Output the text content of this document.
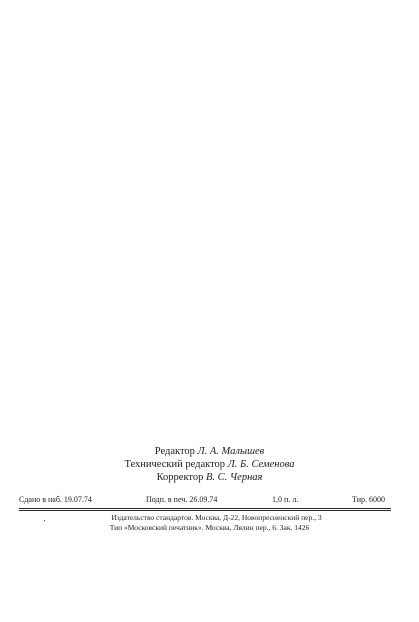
Редактор Л. А. Малышев
Технический редактор Л. Б. Семенова
Корректор В. С. Черная
Сдано в наб. 19.07.74	Подп. в печ. 26.09.74	1,0 п. л.	Тир. 6000
Издательство стандартов. Москва, Д-22, Новопресненский пер., 3
Тип «Московский печатник». Москва, Лялин пер., 6. Зак. 1426
